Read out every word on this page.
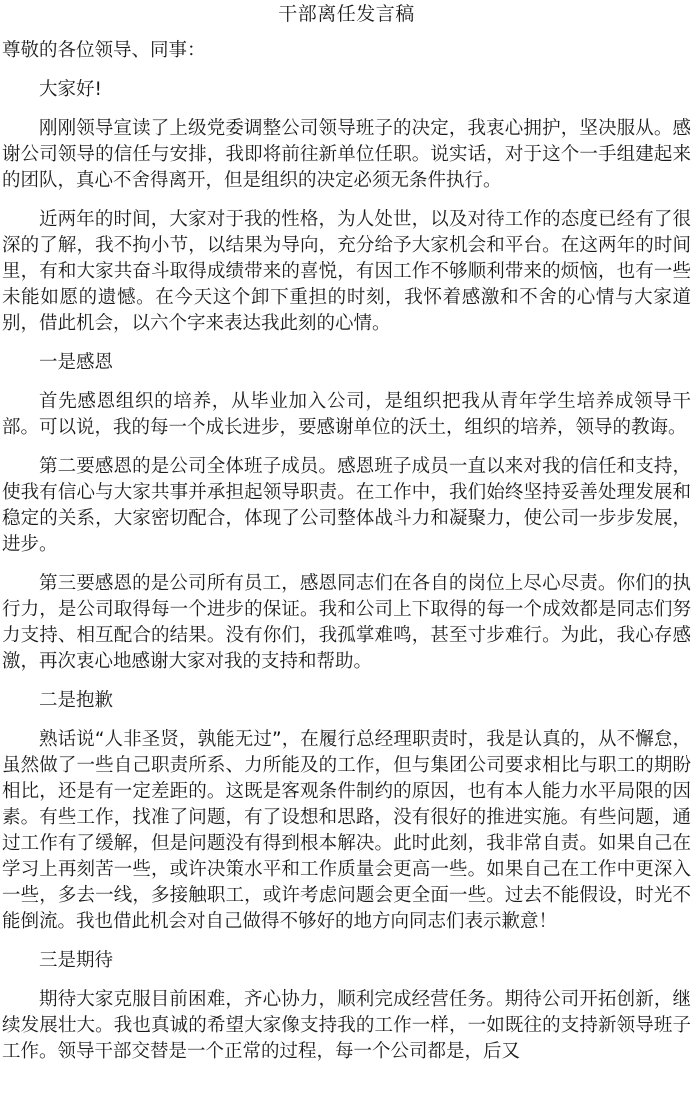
干部离任发言稿

尊敬的各位领导、同事：

大家好!

刚刚领导宣读了上级党委调整公司领导班子的决定，我衷心拥护，坚决服从。感谢公司领导的信任与安排，我即将前往新单位任职。说实话，对于这个一手组建起来的团队，真心不舍得离开，但是组织的决定必须无条件执行。

近两年的时间，大家对于我的性格，为人处世，以及对待工作的态度已经有了很深的了解，我不拘小节，以结果为导向，充分给予大家机会和平台。在这两年的时间里，有和大家共奋斗取得成绩带来的喜悦，有因工作不够顺利带来的烦恼，也有一些未能如愿的遗憾。在今天这个卸下重担的时刻，我怀着感激和不舍的心情与大家道别，借此机会，以六个字来表达我此刻的心情。

一是感恩

首先感恩组织的培养，从毕业加入公司，是组织把我从青年学生培养成领导干部。可以说，我的每一个成长进步，要感谢单位的沃土，组织的培养，领导的教诲。

第二要感恩的是公司全体班子成员。感恩班子成员一直以来对我的信任和支持，使我有信心与大家共事并承担起领导职责。在工作中，我们始终坚持妥善处理发展和稳定的关系，大家密切配合，体现了公司整体战斗力和凝聚力，使公司一步步发展，进步。

第三要感恩的是公司所有员工，感恩同志们在各自的岗位上尽心尽责。你们的执行力，是公司取得每一个进步的保证。我和公司上下取得的每一个成效都是同志们努力支持、相互配合的结果。没有你们，我孤掌难鸣，甚至寸步难行。为此，我心存感激，再次衷心地感谢大家对我的支持和帮助。

二是抱歉

熟话说“人非圣贤，孰能无过”，在履行总经理职责时，我是认真的，从不懈怠，虽然做了一些自己职责所系、力所能及的工作，但与集团公司要求相比与职工的期盼相比，还是有一定差距的。这既是客观条件制约的原因，也有本人能力水平局限的因素。有些工作，找准了问题，有了设想和思路，没有很好的推进实施。有些问题，通过工作有了缓解，但是问题没有得到根本解决。此时此刻，我非常自责。如果自己在学习上再刻苦一些，或许决策水平和工作质量会更高一些。如果自己在工作中更深入一些，多去一线，多接触职工，或许考虑问题会更全面一些。过去不能假设，时光不能倒流。我也借此机会对自己做得不够好的地方向同志们表示歉意！

三是期待

期待大家克服目前困难，齐心协力，顺利完成经营任务。期待公司开拓创新，继续发展壮大。我也真诚的希望大家像支持我的工作一样，一如既往的支持新领导班子工作。领导干部交替是一个正常的过程，每一个公司都是，后又
